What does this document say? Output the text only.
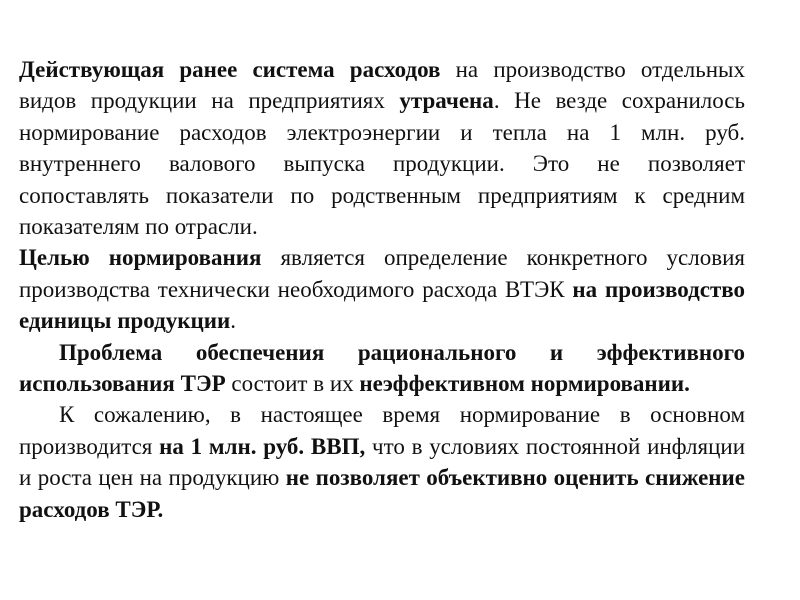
Действующая ранее система расходов на производство отдельных видов продукции на предприятиях утрачена. Не везде сохранилось нормирование расходов электроэнергии и тепла на 1 млн. руб. внутреннего валового выпуска продукции. Это не позволяет сопоставлять показатели по родственным предприятиям к средним показателям по отрасли.

Целью нормирования является определение конкретного условия производства технически необходимого расхода ВТЭК на производство единицы продукции.

Проблема обеспечения рационального и эффективного использования ТЭР состоит в их неэффективном нормировании.

К сожалению, в настоящее время нормирование в основном производится на 1 млн. руб. ВВП, что в условиях постоянной инфляции и роста цен на продукцию не позволяет объективно оценить снижение расходов ТЭР.
